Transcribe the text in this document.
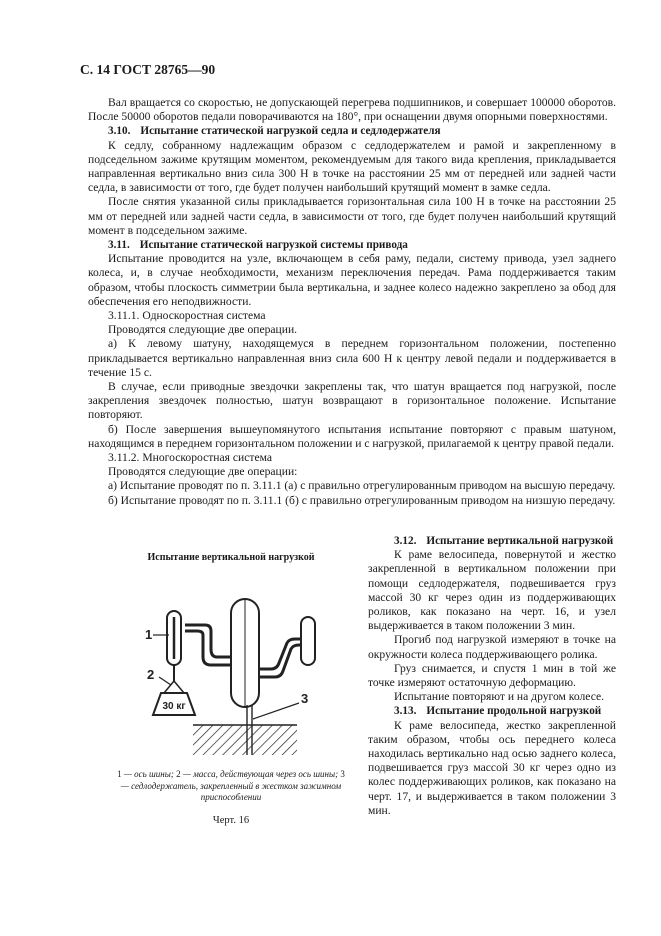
С. 14 ГОСТ 28765—90

Вал вращается со скоростью, не допускающей перегрева подшипников, и совершает 100000 оборотов. После 50000 оборотов педали поворачиваются на 180°, при оснащении двумя опорными поверхностями.

3.10. Испытание статической нагрузкой седла и седлодержателя

К седлу, собранному надлежащим образом с седлодержателем и рамой и закрепленному в подседельном зажиме крутящим моментом, рекомендуемым для такого вида крепления, прикладывается направленная вертикально вниз сила 300 Н в точке на расстоянии 25 мм от передней или задней части седла, в зависимости от того, где будет получен наибольший крутящий момент в замке седла.

После снятия указанной силы прикладывается горизонтальная сила 100 Н в точке на расстоянии 25 мм от передней или задней части седла, в зависимости от того, где будет получен наибольший крутящий момент в подседельном зажиме.

3.11. Испытание статической нагрузкой системы привода

Испытание проводится на узле, включающем в себя раму, педали, систему привода, узел заднего колеса, и, в случае необходимости, механизм переключения передач. Рама поддерживается таким образом, чтобы плоскость симметрии была вертикальна, и заднее колесо надежно закреплено за обод для обеспечения его неподвижности.

3.11.1. Односкоростная система

Проводятся следующие две операции.

а) К левому шатуну, находящемуся в переднем горизонтальном положении, постепенно прикладывается вертикально направленная вниз сила 600 Н к центру левой педали и поддерживается в течение 15 с.

В случае, если приводные звездочки закреплены так, что шатун вращается под нагрузкой, после закрепления звездочек полностью, шатун возвращают в горизонтальное положение. Испытание повторяют.

б) После завершения вышеупомянутого испытания испытание повторяют с правым шатуном, находящимся в переднем горизонтальном положении и с нагрузкой, прилагаемой к центру правой педали.

3.11.2. Многоскоростная система

Проводятся следующие две операции:

а) Испытание проводят по п. 3.11.1 (а) с правильно отрегулированным приводом на высшую передачу.

б) Испытание проводят по п. 3.11.1 (б) с правильно отрегулированным приводом на низшую передачу.

Испытание вертикальной нагрузкой
30 кг
1
2
3
1 — ось шины; 2 — масса, действующая через ось шины; 3 — седлодержатель, закрепленный в жестком зажимном приспособлении
Черт. 16

3.12. Испытание вертикальной нагрузкой

К раме велосипеда, повернутой и жестко закрепленной в вертикальном положении при помощи седлодержателя, подвешивается груз массой 30 кг через один из поддерживающих роликов, как показано на черт. 16, и узел выдерживается в таком положении 3 мин.

Прогиб под нагрузкой измеряют в точке на окружности колеса поддерживающего ролика.

Груз снимается, и спустя 1 мин в той же точке измеряют остаточную деформацию.

Испытание повторяют и на другом колесе.

3.13. Испытание продольной нагрузкой

К раме велосипеда, жестко закрепленной таким образом, чтобы ось переднего колеса находилась вертикально над осью заднего колеса, подвешивается груз массой 30 кг через одно из колес поддерживающих роликов, как показано на черт. 17, и выдерживается в таком положении 3 мин.
